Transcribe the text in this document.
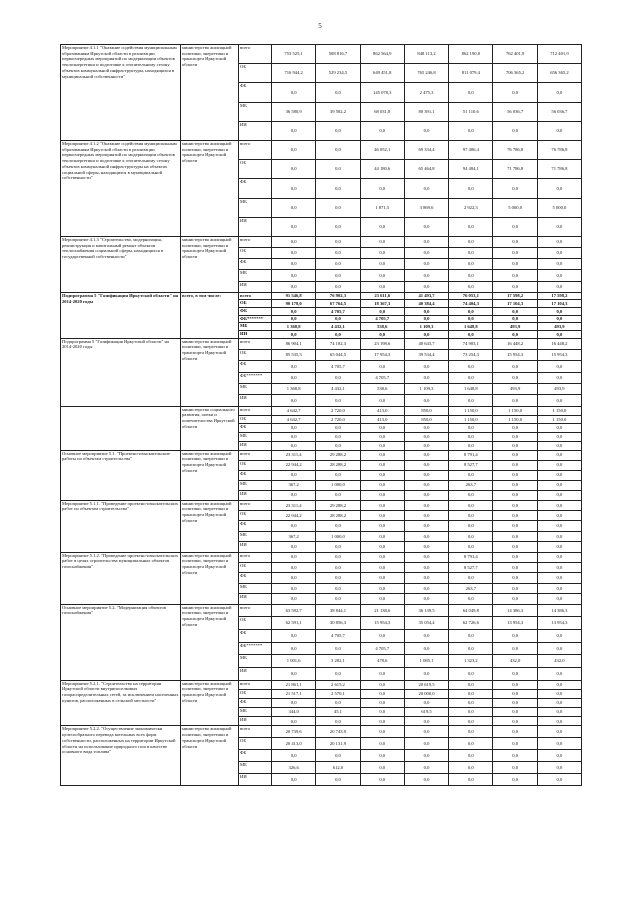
5
Мероприятие 4.1.1 "Оказание содействия муниципальным образованиям Иркутской области в реализации первоочередных мероприятий по модернизации объектов теплоэнергетики и подготовке к отопительному сезону объектов коммунальной инфраструктуры, находящихся в муниципальной собственности"	министерство жилищной политики, энергетики и транспорта Иркутской области	всего	753 525,1	508 816,7	862 564,9	848 113,2	862 190,0	762 401,9	712 401,9
		ОБ	716 944,2	529 234,5	649 451,8	765 246,8	811 079,4	706 365,2	656 365,2
		ФБ	0,0	0,0	145 078,3	2 475,3	0,0	0,0	0,0
		МБ	36 580,9	39 582,2	68 031,8	80 391,1	51 110,6	56 036,7	56 036,7
		ИИ	0,0	0,0	0,0	0,0	0,0	0,0	0,0
Мероприятие 4.1.2 "Оказание содействия муниципальным образованиям Иркутской области в реализации первоочередных мероприятий по модернизации объектов теплоэнергетики и подготовке к отопительному сезону объектов коммунальной инфраструктуры на объектах социальной сферы, находящихся в муниципальной собственности"	министерство жилищной политики, энергетики и транспорта Иркутской области	всего	0,0	0,0	46 052,1	69 334,4	97 406,4	76 786,8	76 786,8
		ОБ	0,0	0,0	44 180,6	65 464,8	94 484,1	71 786,8	71 786,8
		ФБ	0,0	0,0	0,0	0,0	0,0	0,0	0,0
		МБ	0,0	0,0	1 871,5	3 869,6	2 922,3	5 000,0	5 000,0
		ИИ	0,0	0,0	0,0	0,0	0,0	0,0	0,0
Мероприятие 4.1.3 "Строительство, модернизация, реконструкция и капитальный ремонт объектов теплоснабжения социальной сферы, находящихся в государственной собственности"	министерство жилищной политики, энергетики и транспорта Иркутской области	всего	0,0	0,0	0,0	0,0	0,0	0,0	0,0
		ОБ	0,0	0,0	0,0	0,0	0,0	0,0	0,0
		ФБ	0,0	0,0	0,0	0,0	0,0	0,0	0,0
		МБ	0,0	0,0	0,0	0,0	0,0	0,0	0,0
		ИИ	0,0	0,0	0,0	0,0	0,0	0,0	0,0
Подпрограмма 5 "Газификация Иркутской области" на 2014-2020 годы	всего, в том числе:	всего	91 546,8	76 902,3	23 611,6	41 493,7	76 053,1	17 598,2	17 598,2
		ОБ	90 178,0	67 764,5	18 367,3	40 384,4	74 404,3	17 104,3	17 104,3
		ФБ	0,0	4 705,7	0,0	0,0	0,0	0,0	0,0
		ФБ*******	0,0	0,0	4 705,7	0,0	0,0	0,0	0,0
		МБ	1 368,8	4 432,1	538,6	1 109,3	1 648,8	493,9	493,9
		ИИ	0,0	0,0	0,0	0,0	0,0	0,0	0,0
Подпрограмма 5 "Газификация Иркутской области" на 2014-2020 годы	министерство жилищной политики, энергетики и транспорта Иркутской области	всего	86 904,1	74 182,3	23 198,6	40 643,7	74 903,1	16 448,2	16 448,2
		ОБ	85 535,3	65 044,5	17 954,3	39 534,4	73 254,3	15 954,3	15 954,3
		ФБ	0,0	4 705,7	0,0	0,0	0,0	0,0	0,0
		ФБ*******	0,0	0,0	4 705,7	0,0	0,0	0,0	0,0
		МБ	1 368,8	4 432,1	538,6	1 109,3	1 648,8	493,9	493,9
		ИИ	0,0	0,0	0,0	0,0	0,0	0,0	0,0
	министерство социального развития, опеки и попечительства Иркутской области	всего	4 642,7	2 720,0	413,0	850,0	1 150,0	1 150,0	1 150,0
		ОБ	4 642,7	2 720,0	413,0	850,0	1 150,0	1 150,0	1 150,0
		ФБ	0,0	0,0	0,0	0,0	0,0	0,0	0,0
		МБ	0,0	0,0	0,0	0,0	0,0	0,0	0,0
		ИИ	0,0	0,0	0,0	0,0	0,0	0,0	0,0
Основное мероприятие 5.1. "Проектно-изыскательские работы по объектам строительства"	министерство жилищной политики, энергетики и транспорта Иркутской области	всего	23 311,4	29 288,2	0,0	0,0	8 791,4	0,0	0,0
		ОБ	22 944,2	28 288,2	0,0	0,0	8 527,7	0,0	0,0
		ФБ	0,0	0,0	0,0	0,0	0,0	0,0	0,0
		МБ	367,2	1 000,0	0,0	0,0	263,7	0,0	0,0
		ИИ	0,0	0,0	0,0	0,0	0,0	0,0	0,0
Мероприятие 5.1.1. "Проведение проектно-изыскательских работ по объектам строительства"	министерство жилищной политики, энергетики и транспорта Иркутской области	всего	23 311,4	29 288,2	0,0	0,0	0,0	0,0	0,0
		ОБ	22 944,2	28 288,2	0,0	0,0	0,0	0,0	0,0
		ФБ	0,0	0,0	0,0	0,0	0,0	0,0	0,0
		МБ	367,2	1 000,0	0,0	0,0	0,0	0,0	0,0
		ИИ	0,0	0,0	0,0	0,0	0,0	0,0	0,0
Мероприятие 5.1.2. "Проведение проектно-изыскательских работ в целях строительства муниципальных объектов газоснабжения"	министерство жилищной политики, энергетики и транспорта Иркутской области	всего	0,0	0,0	0,0	0,0	8 791,4	0,0	0,0
		ОБ	0,0	0,0	0,0	0,0	8 527,7	0,0	0,0
		ФБ	0,0	0,0	0,0	0,0	0,0	0,0	0,0
		МБ	0,0	0,0	0,0	0,0	263,7	0,0	0,0
		ИИ	0,0	0,0	0,0	0,0	0,0	0,0	0,0
Основное мероприятие 5.2. "Модернизация объектов газоснабжения"	министерство жилищной политики, энергетики и транспорта Иркутской области	всего	63 592,7	38 844,1	21 138,6	36 139,5	64 049,8	14 386,3	14 386,3
		ОБ	62 591,1	30 856,3	15 954,3	35 054,4	62 726,6	13 954,3	13 954,3
		ФБ	0,0	4 705,7	0,0	0,0	0,0	0,0	0,0
		ФБ*******	0,0	0,0	4 705,7	0,0	0,0	0,0	0,0
		МБ	1 001,6	3 282,1	478,6	1 085,1	1 323,2	432,0	432,0
		ИИ	0,0	0,0	0,0	0,0	0,0	0,0	0,0
Мероприятие 5.2.1. "Строительство на территории Иркутской области внутрипоселковых газораспределительных сетей, за исключением населенных пунктов, расположенных в сельской местности"	министерство жилищной политики, энергетики и транспорта Иркутской области	всего	21 861,1	2 615,2	0,0	20 619,5	0,0	0,0	0,0
		ОБ	21 517,1	2 570,1	0,0	20 000,0	0,0	0,0	0,0
		ФБ	0,0	0,0	0,0	0,0	0,0	0,0	0,0
		МБ	344,0	45,1	0,0	619,5	0,0	0,0	0,0
		ИИ	0,0	0,0	0,0	0,0	0,0	0,0	0,0
Мероприятие 5.2.2. "Осуществление экономически целесообразного перевода котельных всех форм собственности, расположенных на территории Иркутской области на использование природного газа в качестве основного вида топлива"	министерство жилищной политики, энергетики и транспорта Иркутской области	всего	20 739,6	20 743,9	0,0	0,0	0,0	0,0	0,0
		ОБ	20 413,0	20 131,9	0,0	0,0	0,0	0,0	0,0
		ФБ	0,0	0,0	0,0	0,0	0,0	0,0	0,0
		МБ	326,6	612,0	0,0	0,0	0,0	0,0	0,0
		ИИ	0,0	0,0	0,0	0,0	0,0	0,0	0,0
